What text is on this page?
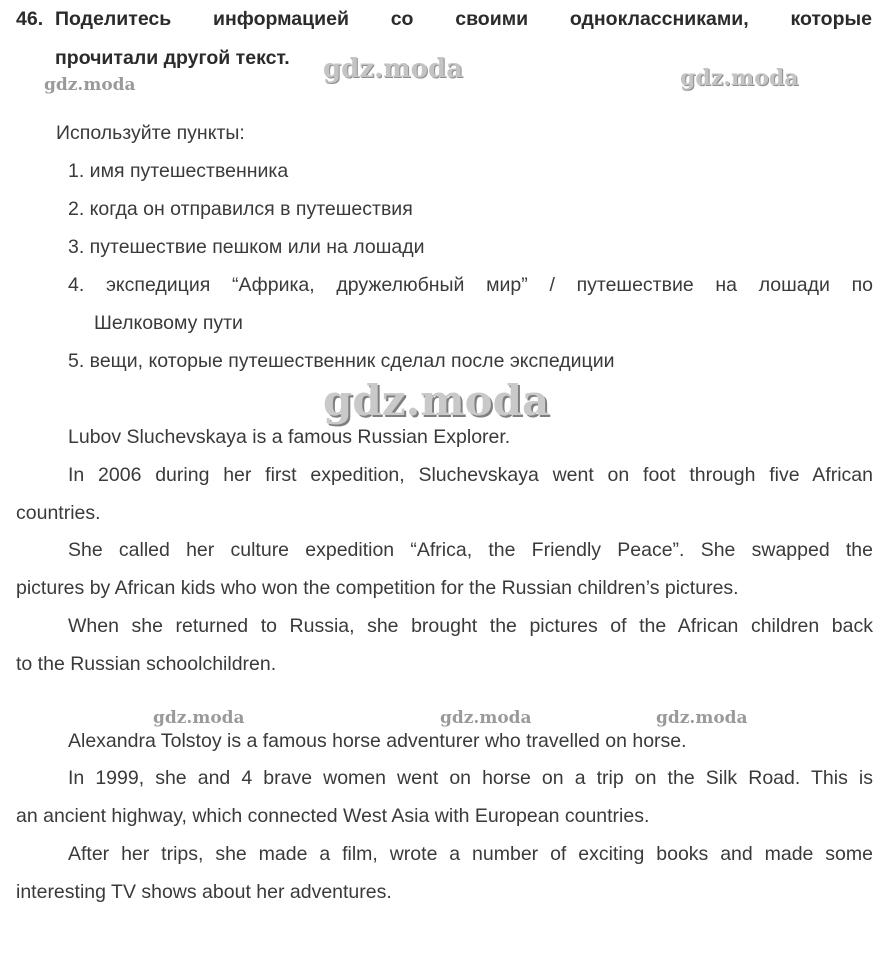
46. Поделитесь информацией со своими одноклассниками, которые
прочитали другой текст. gdz.moda
gdz.moda	gdz.moda
gdz.moda
gdz.moda	gdz.moda	gdz.moda
Используйте пункты:
1. имя путешественника
2. когда он отправился в путешествия
3. путешествие пешком или на лошади
4. экспедиция “Африка, дружелюбный мир” / путешествие на лошади по
Шелковому пути
5. вещи, которые путешественник сделал после экспедиции
Lubov Sluchevskaya is a famous Russian Explorer.
In 2006 during her first expedition, Sluchevskaya went on foot through five African
countries.
She called her culture expedition “Africa, the Friendly Peace”. She swapped the
pictures by African kids who won the competition for the Russian children’s pictures.
When she returned to Russia, she brought the pictures of the African children back
to the Russian schoolchildren.
Alexandra Tolstoy is a famous horse adventurer who travelled on horse.
In 1999, she and 4 brave women went on horse on a trip on the Silk Road. This is
an ancient highway, which connected West Asia with European countries.
After her trips, she made a film, wrote a number of exciting books and made some
interesting TV shows about her adventures.
